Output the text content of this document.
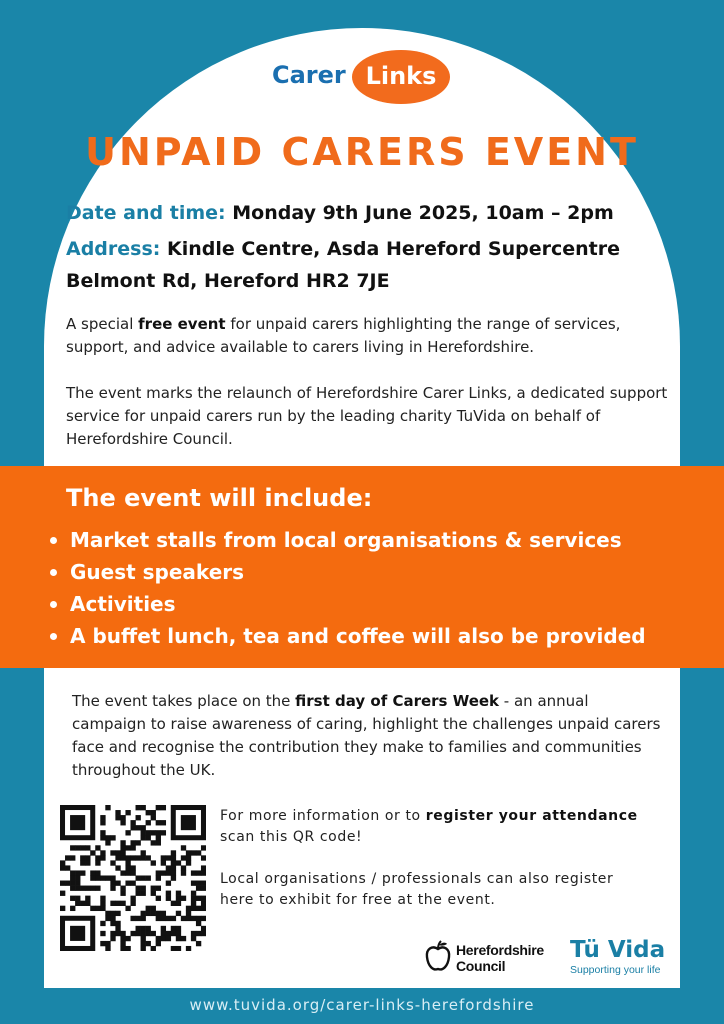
Carer Links
UNPAID CARERS EVENT
Date and time: Monday 9th June 2025, 10am – 2pm
Address: Kindle Centre, Asda Hereford Supercentre
Belmont Rd, Hereford HR2 7JE
A special free event for unpaid carers highlighting the range of services, support, and advice available to carers living in Herefordshire.
The event marks the relaunch of Herefordshire Carer Links, a dedicated support service for unpaid carers run by the leading charity TuVida on behalf of Herefordshire Council.
The event will include:
Market stalls from local organisations & services
Guest speakers
Activities
A buffet lunch, tea and coffee will also be provided
The event takes place on the first day of Carers Week - an annual campaign to raise awareness of caring, highlight the challenges unpaid carers face and recognise the contribution they make to families and communities throughout the UK.
For more information or to register your attendance scan this QR code!
Local organisations / professionals can also register here to exhibit for free at the event.
Herefordshire
Council
Tü Vida
Supporting your life
www.tuvida.org/carer-links-herefordshire
